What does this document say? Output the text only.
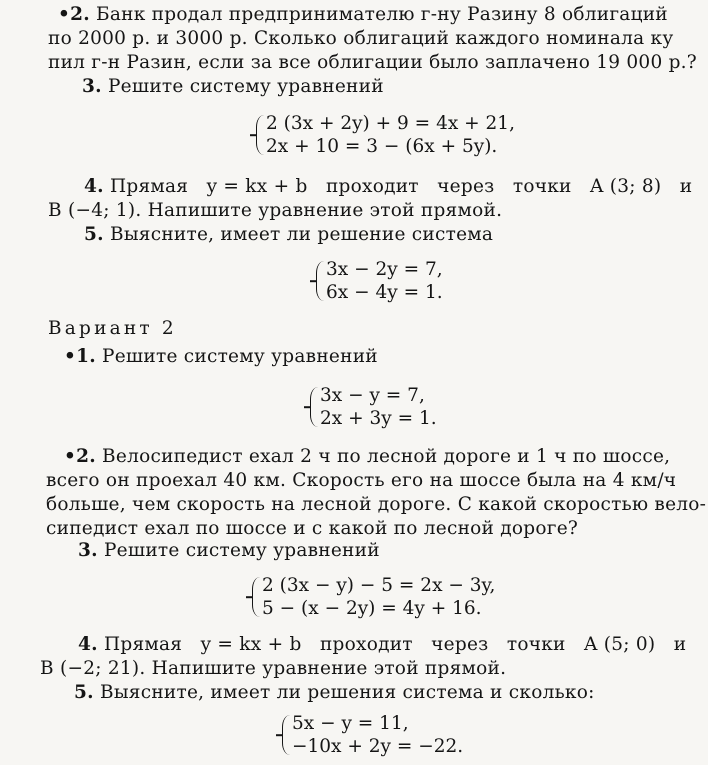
•2. Банк продал предпринимателю г-ну Разину 8 облигаций
по 2000 р. и 3000 р. Сколько облигаций каждого номинала ку
пил г-н Разин, если за все облигации было заплачено 19 000 р.?
3. Решите систему уравнений
2 (3x + 2y) + 9 = 4x + 21,
2x + 10 = 3 − (6x + 5y).
4. Прямая   y = kx + b   проходит   через   точки   A (3; 8)   и
B (−4; 1). Напишите уравнение этой прямой.
5. Выясните, имеет ли решение система
3x − 2y = 7,
6x − 4y = 1.
Вариант 2
•1. Решите систему уравнений
3x − y = 7,
2x + 3y = 1.
•2. Велосипедист ехал 2 ч по лесной дороге и 1 ч по шоссе,
всего он проехал 40 км. Скорость его на шоссе была на 4 км/ч
больше, чем скорость на лесной дороге. С какой скоростью вело-
сипедист ехал по шоссе и с какой по лесной дороге?
3. Решите систему уравнений
2 (3x − y) − 5 = 2x − 3y,
5 − (x − 2y) = 4y + 16.
4. Прямая   y = kx + b   проходит   через   точки   A (5; 0)   и
B (−2; 21). Напишите уравнение этой прямой.
5. Выясните, имеет ли решения система и сколько:
5x − y = 11,
−10x + 2y = −22.
